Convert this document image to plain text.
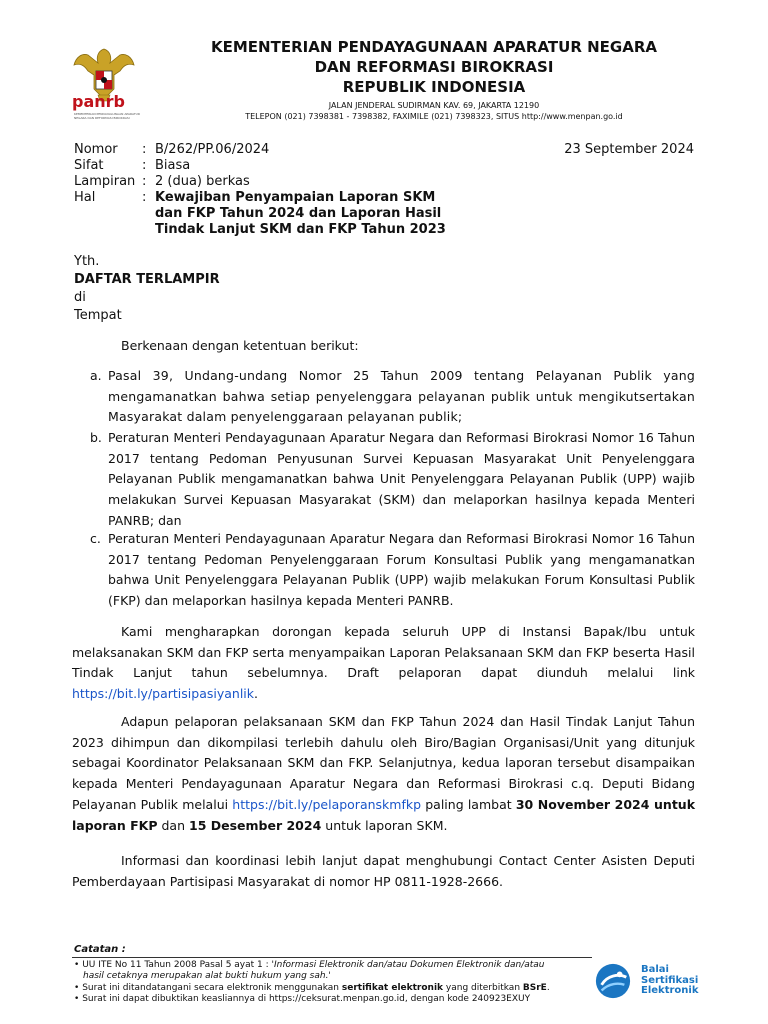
panrb
KEMENTERIAN PENDAYAGUNAAN APARATUR NEGARA DAN REFORMASI BIROKRASI
KEMENTERIAN PENDAYAGUNAAN APARATUR NEGARA
DAN REFORMASI BIROKRASI
REPUBLIK INDONESIA
JALAN JENDERAL SUDIRMAN KAV. 69, JAKARTA 12190
TELEPON (021) 7398381 - 7398382, FAXIMILE (021) 7398323, SITUS http://www.menpan.go.id
Nomor : B/262/PP.06/2024	23 September 2024
Sifat	: Biasa
Lampiran : 2 (dua) berkas
Hal	: Kewajiban Penyampaian Laporan SKM
dan FKP Tahun 2024 dan Laporan Hasil
Tindak Lanjut SKM dan FKP Tahun 2023
Yth.
DAFTAR TERLAMPIR
di
Tempat
Berkenaan dengan ketentuan berikut:
a. Pasal 39, Undang-undang Nomor 25 Tahun 2009 tentang Pelayanan Publik yang mengamanatkan bahwa setiap penyelenggara pelayanan publik untuk mengikutsertakan Masyarakat dalam penyelenggaraan pelayanan publik;
b. Peraturan Menteri Pendayagunaan Aparatur Negara dan Reformasi Birokrasi Nomor 16 Tahun 2017 tentang Pedoman Penyusunan Survei Kepuasan Masyarakat Unit Penyelenggara Pelayanan Publik mengamanatkan bahwa Unit Penyelenggara Pelayanan Publik (UPP) wajib melakukan Survei Kepuasan Masyarakat (SKM) dan melaporkan hasilnya kepada Menteri PANRB; dan
c. Peraturan Menteri Pendayagunaan Aparatur Negara dan Reformasi Birokrasi Nomor 16 Tahun 2017 tentang Pedoman Penyelenggaraan Forum Konsultasi Publik yang mengamanatkan bahwa Unit Penyelenggara Pelayanan Publik (UPP) wajib melakukan Forum Konsultasi Publik (FKP) dan melaporkan hasilnya kepada Menteri PANRB.
Kami mengharapkan dorongan kepada seluruh UPP di Instansi Bapak/Ibu untuk melaksanakan SKM dan FKP serta menyampaikan Laporan Pelaksanaan SKM dan FKP beserta Hasil Tindak Lanjut tahun sebelumnya. Draft pelaporan dapat diunduh melalui link https://bit.ly/partisipasiyanlik.
Adapun pelaporan pelaksanaan SKM dan FKP Tahun 2024 dan Hasil Tindak Lanjut Tahun 2023 dihimpun dan dikompilasi terlebih dahulu oleh Biro/Bagian Organisasi/Unit yang ditunjuk sebagai Koordinator Pelaksanaan SKM dan FKP. Selanjutnya, kedua laporan tersebut disampaikan kepada Menteri Pendayagunaan Aparatur Negara dan Reformasi Birokrasi c.q. Deputi Bidang Pelayanan Publik melalui https://bit.ly/pelaporanskmfkp paling lambat 30 November 2024 untuk laporan FKP dan 15 Desember 2024 untuk laporan SKM.
Informasi dan koordinasi lebih lanjut dapat menghubungi Contact Center Asisten Deputi Pemberdayaan Partisipasi Masyarakat di nomor HP 0811-1928-2666.
Catatan :
• UU ITE No 11 Tahun 2008 Pasal 5 ayat 1 : 'Informasi Elektronik dan/atau Dokumen Elektronik dan/atau
hasil cetaknya merupakan alat bukti hukum yang sah.'
• Surat ini ditandatangani secara elektronik menggunakan sertifikat elektronik yang diterbitkan BSrE.
• Surat ini dapat dibuktikan keasliannya di https://ceksurat.menpan.go.id, dengan kode 240923EXUY
Balai
Sertifikasi
Elektronik
